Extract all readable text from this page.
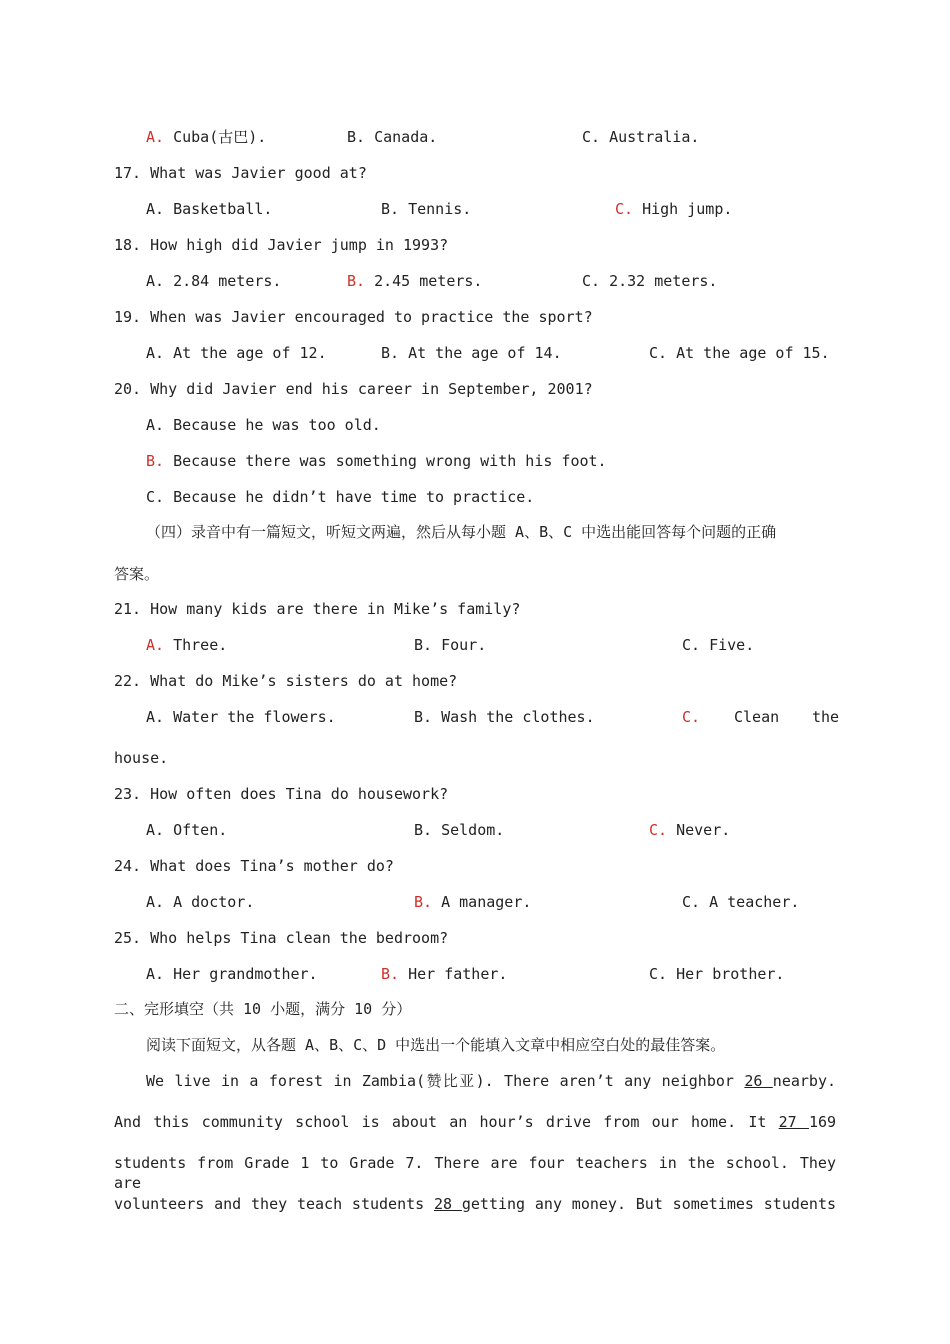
A. Cuba(古巴).	B. Canada.	C. Australia.
17. What was Javier good at?
A. Basketball.	B. Tennis.	C. High jump.
18. How high did Javier jump in 1993?
A. 2.84 meters.	B. 2.45 meters.	C. 2.32 meters.
19. When was Javier encouraged to practice the sport?
A. At the age of 12.	B. At the age of 14.	C. At the age of 15.
20. Why did Javier end his career in September, 2001?
A. Because he was too old.
B. Because there was something wrong with his foot.
C. Because he didn’t have time to practice.
（四）录音中有一篇短文，听短文两遍，然后从每小题 A、B、C 中选出能回答每个问题的正确
答案。
21. How many kids are there in Mike’s family?
A. Three.	B. Four.	C. Five.
22. What do Mike’s sisters do at home?
A. Water the flowers.	B. Wash the clothes.	C. Clean the
house.
23. How often does Tina do housework?
A. Often.	B. Seldom.	C. Never.
24. What does Tina’s mother do?
A. A doctor.	B. A manager.	C. A teacher.
25. Who helps Tina clean the bedroom?
A. Her grandmother.	B. Her father.	C. Her brother.
二、完形填空（共 10 小题，满分 10 分）
阅读下面短文，从各题 A、B、C、D 中选出一个能填入文章中相应空白处的最佳答案。
We live in a forest in Zambia(赞比亚). There aren’t any neighbor 26 nearby.
And this community school is about an hour’s drive from our home. It 27 169
students from Grade 1 to Grade 7. There are four teachers in the school. They are
volunteers and they teach students 28 getting any money. But sometimes students
